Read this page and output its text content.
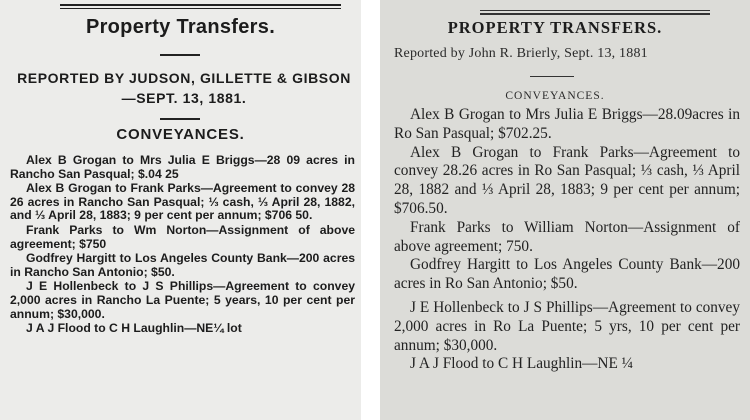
Property Transfers.
REPORTED BY JUDSON, GILLETTE & GIBSON—SEPT. 13, 1881.
CONVEYANCES.

Alex B Grogan to Mrs Julia E Briggs—28 09 acres in Rancho San Pasqual; $.04 25

Alex B Grogan to Frank Parks—Agreement to convey 28 26 acres in Rancho San Pasqual; ⅓ cash, ⅓ April 28, 1882, and ⅓ April 28, 1883; 9 per cent per annum; $706 50.

Frank Parks to Wm Norton—Assignment of above agreement; $750

Godfrey Hargitt to Los Angeles County Bank—200 acres in Rancho San Antonio; $50.

J E Hollenbeck to J S Phillips—Agreement to convey 2,000 acres in Rancho La Puente; 5 years, 10 per cent per annum; $30,000.

J A J Flood to C H Laughlin—NE¼ lot

PROPERTY TRANSFERS.
Reported by John R. Brierly, Sept. 13, 1881
CONVEYANCES.

Alex B Grogan to Mrs Julia E Briggs—28.09acres in Ro San Pasqual; $702.25.

Alex B Grogan to Frank Parks—Agreement to convey 28.26 acres in Ro San Pasqual; ⅓ cash, ⅓ April 28, 1882 and ⅓ April 28, 1883; 9 per cent per annum; $706.50.

Frank Parks to William Norton—Assignment of above agreement; 750.

Godfrey Hargitt to Los Angeles County Bank—200 acres in Ro San Antonio; $50.

J E Hollenbeck to J S Phillips—Agreement to convey 2,000 acres in Ro La Puente; 5 yrs, 10 per cent per annum; $30,000.

J A J Flood to C H Laughlin—NE ¼
